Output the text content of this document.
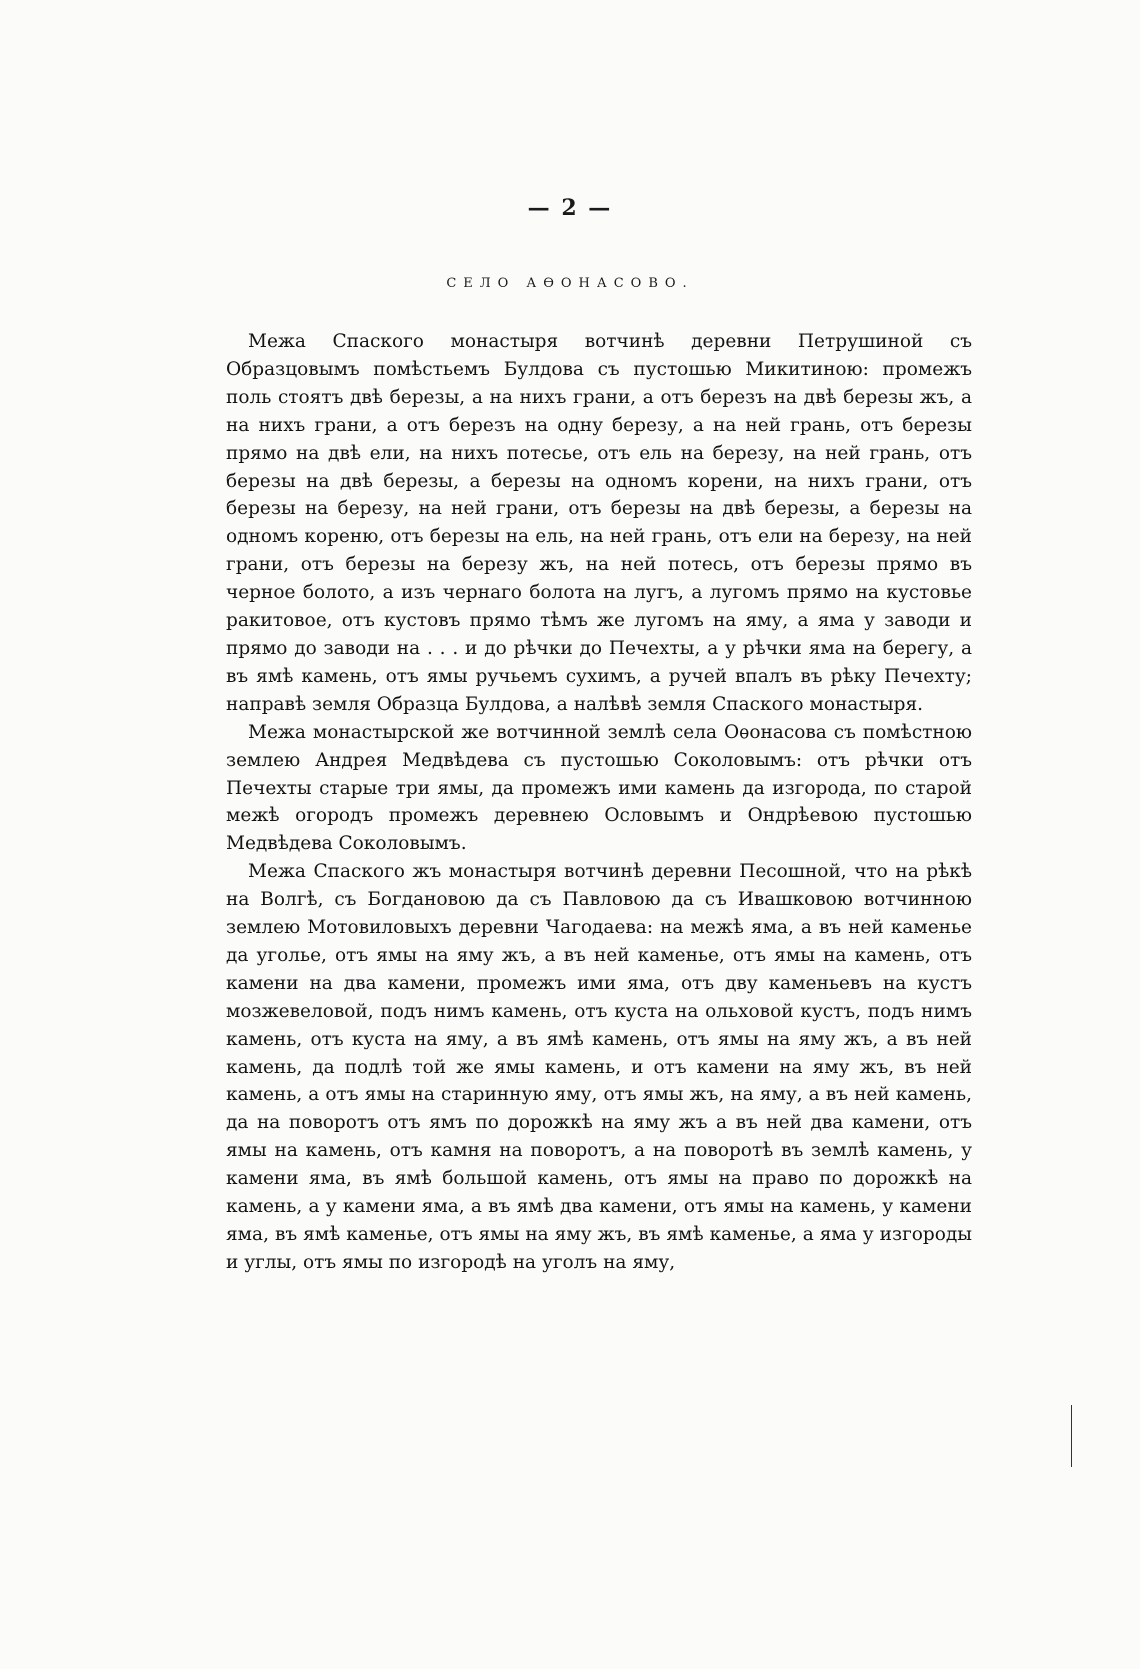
— 2 —
СЕЛО АѲОНАСОВО.

Межа Спаского монастыря вотчинѣ деревни Петрушиной съ Образцовымъ помѣстьемъ Булдова съ пустошью Микитиною: промежъ поль стоятъ двѣ березы, а на нихъ грани, а отъ березъ на двѣ березы жъ, а на нихъ грани, а отъ березъ на одну березу, а на ней грань, отъ березы прямо на двѣ ели, на нихъ потесье, отъ ель на березу, на ней грань, отъ березы на двѣ березы, а березы на одномъ корени, на нихъ грани, отъ березы на березу, на ней грани, отъ березы на двѣ березы, а березы на одномъ кореню, отъ березы на ель, на ней грань, отъ ели на березу, на ней грани, отъ березы на березу жъ, на ней потесь, отъ березы прямо въ черное болото, а изъ чернаго болота на лугъ, а лугомъ прямо на кустовье ракитовое, отъ кустовъ прямо тѣмъ же лугомъ на яму, а яма у заводи и прямо до заводи на . . . и до рѣчки до Печехты, а у рѣчки яма на берегу, а въ ямѣ камень, отъ ямы ручьемъ сухимъ, а ручей впалъ въ рѣку Печехту; направѣ земля Образца Булдова, а налѣвѣ земля Спаского монастыря.

Межа монастырской же вотчинной землѣ села Оѳонасова съ помѣстною землею Андрея Медвѣдева съ пустошью Соколовымъ: отъ рѣчки отъ Печехты старые три ямы, да промежъ ими камень да изгорода, по старой межѣ огородъ промежъ деревнею Ословымъ и Ондрѣевою пустошью Медвѣдева Соколовымъ.

Межа Спаского жъ монастыря вотчинѣ деревни Песошной, что на рѣкѣ на Волгѣ, съ Богдановою да съ Павловою да съ Ивашковою вотчинною землею Мотовиловыхъ деревни Чагодаева: на межѣ яма, а въ ней каменье да уголье, отъ ямы на яму жъ, а въ ней каменье, отъ ямы на камень, отъ камени на два камени, промежъ ими яма, отъ дву каменьевъ на кустъ мозжевеловой, подъ нимъ камень, отъ куста на ольховой кустъ, подъ нимъ камень, отъ куста на яму, а въ ямѣ камень, отъ ямы на яму жъ, а въ ней камень, да подлѣ той же ямы камень, и отъ камени на яму жъ, въ ней камень, а отъ ямы на старинную яму, отъ ямы жъ, на яму, а въ ней камень, да на поворотъ отъ ямъ по дорожкѣ на яму жъ а въ ней два камени, отъ ямы на камень, отъ камня на поворотъ, а на поворотѣ въ землѣ камень, у камени яма, въ ямѣ большой камень, отъ ямы на право по дорожкѣ на камень, а у камени яма, а въ ямѣ два камени, отъ ямы на камень, у камени яма, въ ямѣ каменье, отъ ямы на яму жъ, въ ямѣ каменье, а яма у изгороды и углы, отъ ямы по изгородѣ на уголъ на яму,
